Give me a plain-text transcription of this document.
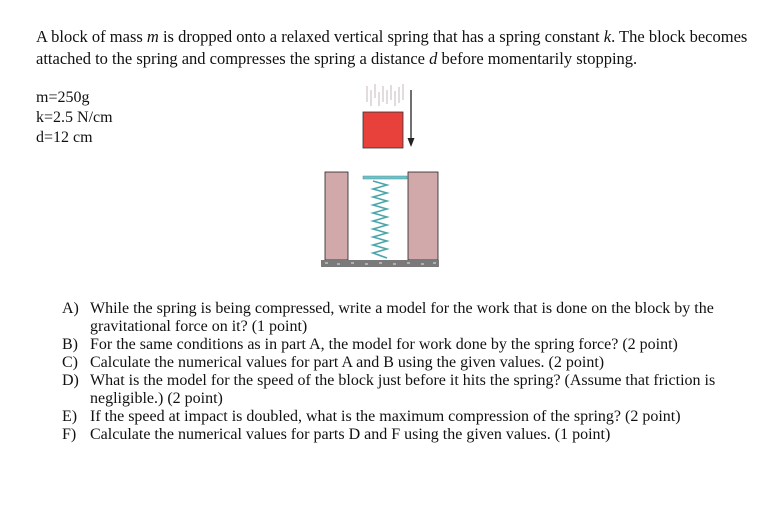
A block of mass m is dropped onto a relaxed vertical spring that has a spring constant k. The block becomes attached to the spring and compresses the spring a distance d before momentarily stopping.

m=250g
k=2.5 N/cm
d=12 cm
A) While the spring is being compressed, write a model for the work that is done on the block by the gravitational force on it? (1 point)
B) For the same conditions as in part A, the model for work done by the spring force? (2 point)
C) Calculate the numerical values for part A and B using the given values. (2 point)
D) What is the model for the speed of the block just before it hits the spring? (Assume that friction is negligible.) (2 point)
E) If the speed at impact is doubled, what is the maximum compression of the spring? (2 point)
F) Calculate the numerical values for parts D and F using the given values. (1 point)
